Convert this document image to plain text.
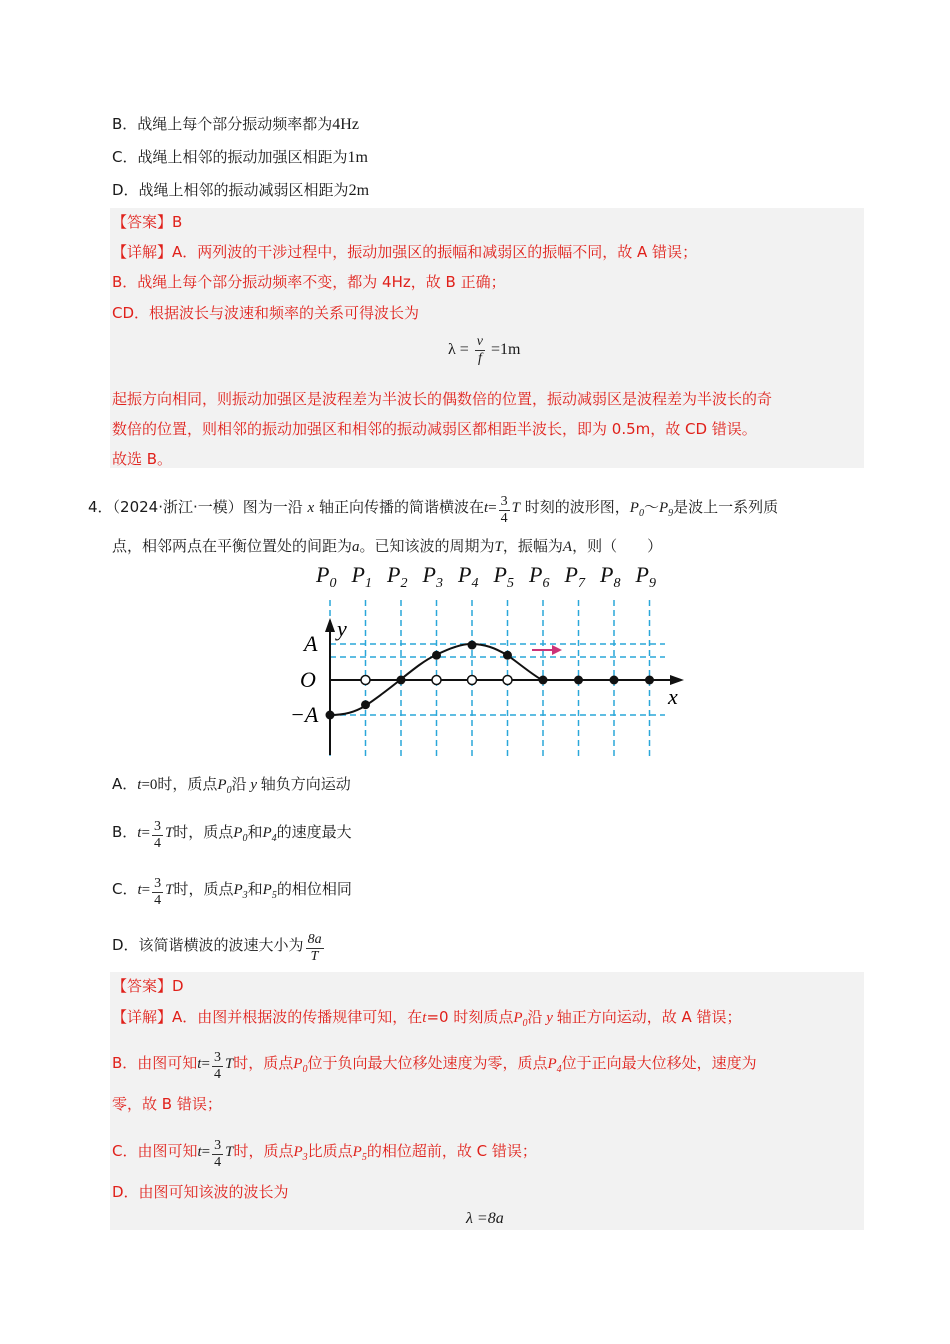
B．战绳上每个部分振动频率都为4Hz
C．战绳上相邻的振动加强区相距为1m
D．战绳上相邻的振动减弱区相距为2m
【答案】B
【详解】A．两列波的干涉过程中，振动加强区的振幅和减弱区的振幅不同，故 A 错误；
B．战绳上每个部分振动频率不变，都为 4Hz，故 B 正确；
CD．根据波长与波速和频率的关系可得波长为
$\lambda = \frac{v}{f} =1m$
起振方向相同，则振动加强区是波程差为半波长的偶数倍的位置，振动减弱区是波程差为半波长的奇
数倍的位置，则相邻的振动加强区和相邻的振动减弱区都相距半波长，即为 0.5m，故 CD 错误。
故选 B。
4．（2024·浙江·一模）图为一沿 x 轴正向传播的简谐横波在$t= \frac{3}{4}$ T 时刻的波形图，$P_0\sim P_9$是波上一系列质
点，相邻两点在平衡位置处的间距为a。已知该波的周期为T，振幅为A，则（　　）
$P_0$ $P_1$ $P_2$ $P_3$ $P_4$ $P_5$ $P_6$ $P_7$ $P_8$ $P_9$
y
x
A
O
−A
A．t=0时，质点$P_0$沿 y 轴负方向运动
B．$t= \frac{3}{4}$ T时，质点$P_0$和$P_4$的速度最大
C．$t= \frac{3}{4}$ T时，质点$P_3$和$P_5$的相位相同
D．该简谐横波的波速大小为 $\frac{8a}{T}$
【答案】D
【详解】A．由图并根据波的传播规律可知，在t=0 时刻质点$P_0$沿 y 轴正方向运动，故 A 错误；
B．由图可知$t= \frac{3}{4}$ T时，质点$P_0$位于负向最大位移处速度为零，质点$P_4$位于正向最大位移处，速度为
零，故 B 错误；
C．由图可知$t= \frac{3}{4}$ T时，质点$P_3$比质点$P_5$的相位超前，故 C 错误；
D．由图可知该波的波长为
λ =8a
